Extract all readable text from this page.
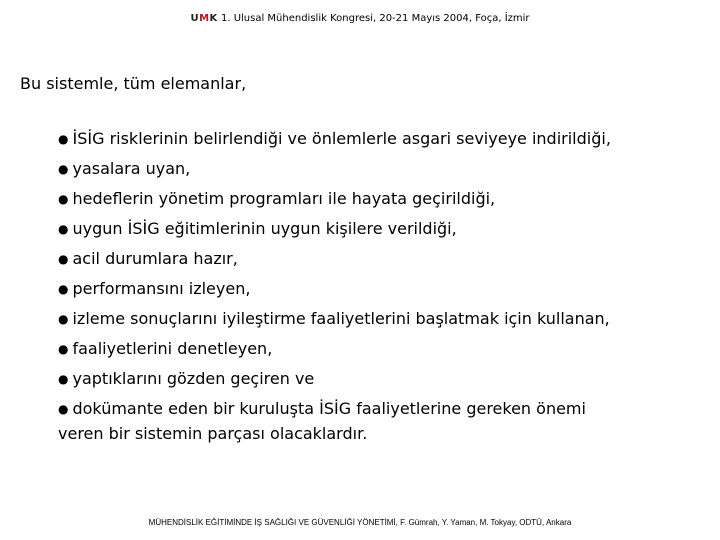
UMK 1. Ulusal Mühendislik Kongresi, 20-21 Mayıs 2004, Foça, İzmir
Bu sistemle, tüm elemanlar,
● İSİG risklerinin belirlendiği ve önlemlerle asgari seviyeye indirildiği,
● yasalara uyan,
● hedeflerin yönetim programları ile hayata geçirildiği,
● uygun İSİG eğitimlerinin uygun kişilere verildiği,
● acil durumlara hazır,
● performansını izleyen,
● izleme sonuçlarını iyileştirme faaliyetlerini başlatmak için kullanan,
● faaliyetlerini denetleyen,
● yaptıklarını gözden geçiren ve
● dokümante eden bir kuruluşta İSİG faaliyetlerine gereken önemi
veren bir sistemin parçası olacaklardır.
MÜHENDİSLİK EĞİTİMİNDE İŞ SAĞLIĞI VE GÜVENLİĞİ YÖNETİMİ, F. Gümrah, Y. Yaman, M. Tokyay, ODTÜ, Ankara
